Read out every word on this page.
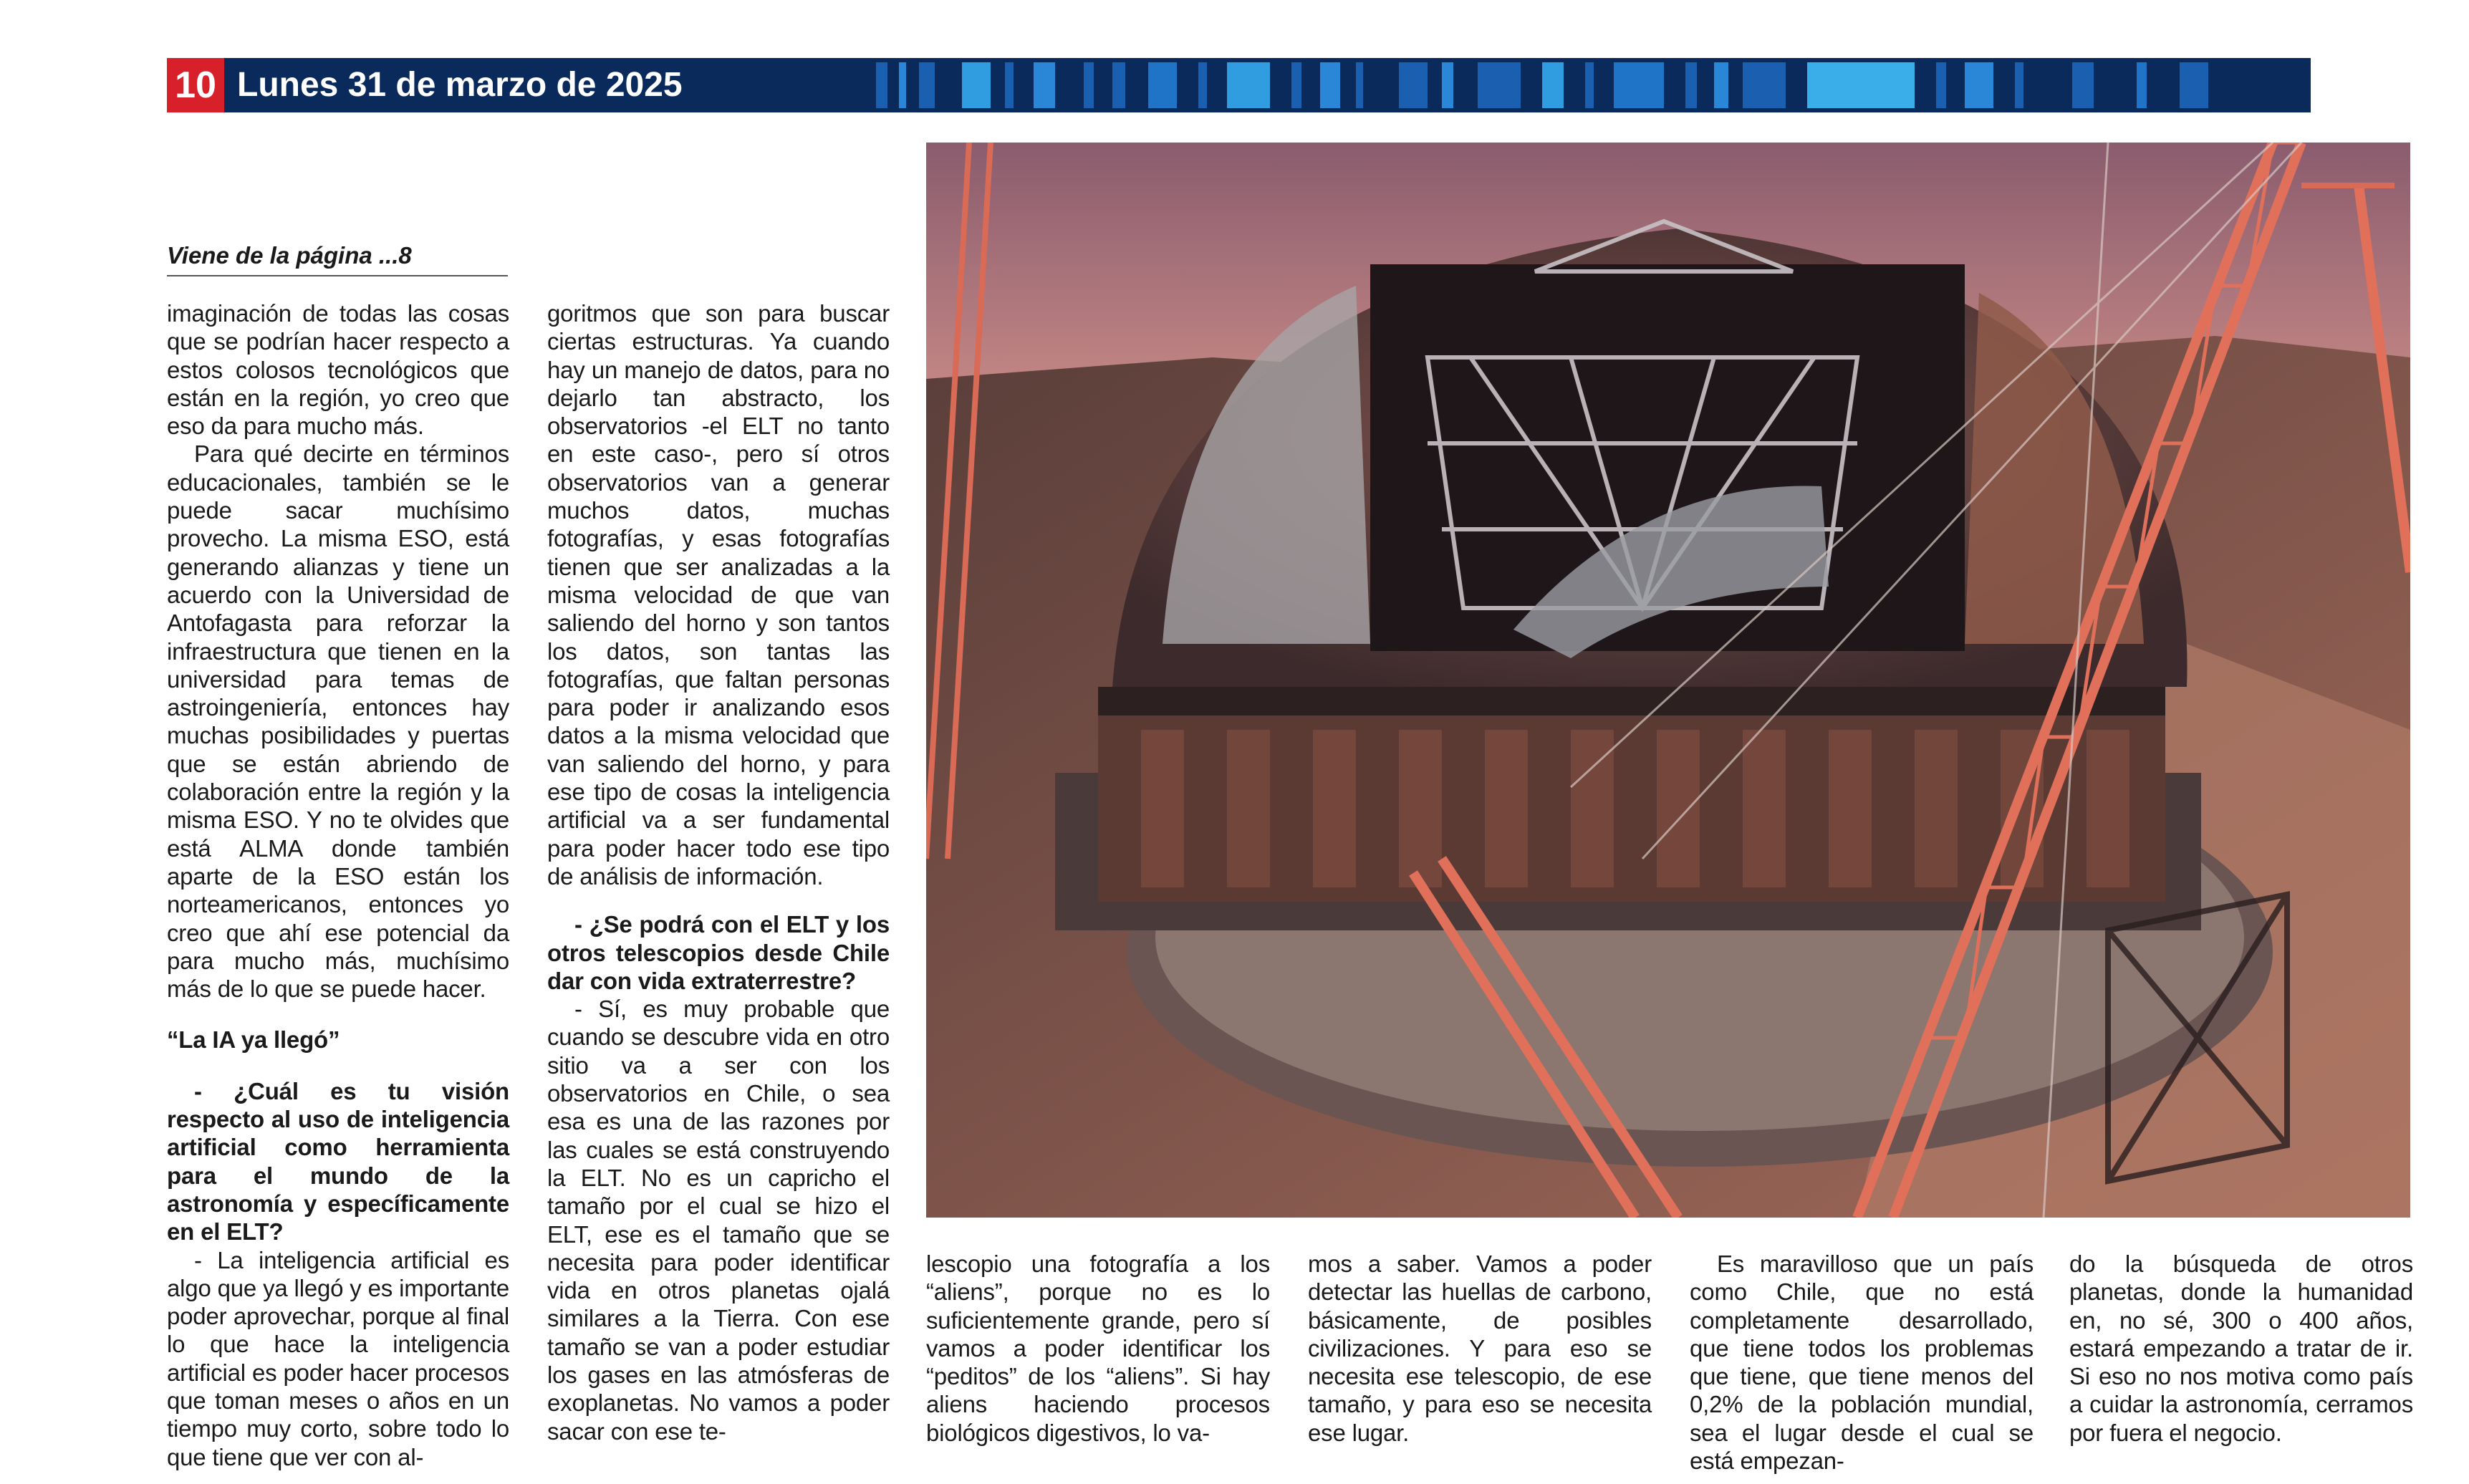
10 Lunes 31 de marzo de 2025
Viene de la página ...8

imaginación de todas las cosas que se podrían hacer respecto a estos colosos tecnológicos que están en la región, yo creo que eso da para mucho más.

Para qué decirte en términos educacionales, también se le puede sacar muchísimo provecho. La misma ESO, está generando alianzas y tiene un acuerdo con la Universidad de Antofagasta para reforzar la infraestructura que tienen en la universidad para temas de astroingeniería, entonces hay muchas posibilidades y puertas que se están abriendo de colaboración entre la región y la misma ESO. Y no te olvides que está ALMA donde también aparte de la ESO están los norteamericanos, entonces yo creo que ahí ese potencial da para mucho más, muchísimo más de lo que se puede hacer.

“La IA ya llegó”

- ¿Cuál es tu visión respecto al uso de inteligencia artificial como herramienta para el mundo de la astronomía y específicamente en el ELT?

- La inteligencia artificial es algo que ya llegó y es importante poder aprovechar, porque al final lo que hace la inteligencia artificial es poder hacer procesos que toman meses o años en un tiempo muy corto, sobre todo lo que tiene que ver con al-

goritmos que son para buscar ciertas estructuras. Ya cuando hay un manejo de datos, para no dejarlo tan abstracto, los observatorios -el ELT no tanto en este caso-, pero sí otros observatorios van a generar muchos datos, muchas fotografías, y esas fotografías tienen que ser analizadas a la misma velocidad de que van saliendo del horno y son tantos los datos, son tantas las fotografías, que faltan personas para poder ir analizando esos datos a la misma velocidad que van saliendo del horno, y para ese tipo de cosas la inteligencia artificial va a ser fundamental para poder hacer todo ese tipo de análisis de información.

- ¿Se podrá con el ELT y los otros telescopios desde Chile dar con vida extraterrestre?

- Sí, es muy probable que cuando se descubre vida en otro sitio va a ser con los observatorios en Chile, o sea esa es una de las razones por las cuales se está construyendo la ELT. No es un capricho el tamaño por el cual se hizo el ELT, ese es el tamaño que se necesita para poder identificar vida en otros planetas ojalá similares a la Tierra. Con ese tamaño se van a poder estudiar los gases en las atmósferas de exoplanetas. No vamos a poder sacar con ese te-

lescopio una fotografía a los “aliens”, porque no es lo suficientemente grande, pero sí vamos a poder identificar los “peditos” de los “aliens”. Si hay aliens haciendo procesos biológicos digestivos, lo va-

mos a saber. Vamos a poder detectar las huellas de carbono, básicamente, de posibles civilizaciones. Y para eso se necesita ese telescopio, de ese tamaño, y para eso se necesita ese lugar.

Es maravilloso que un país como Chile, que no está completamente desarrollado, que tiene todos los problemas que tiene, que tiene menos del 0,2% de la población mundial, sea el lugar desde el cual se está empezan-

do la búsqueda de otros planetas, donde la humanidad en, no sé, 300 o 400 años, estará empezando a tratar de ir. Si eso no nos motiva como país a cuidar la astronomía, cerramos por fuera el negocio.
